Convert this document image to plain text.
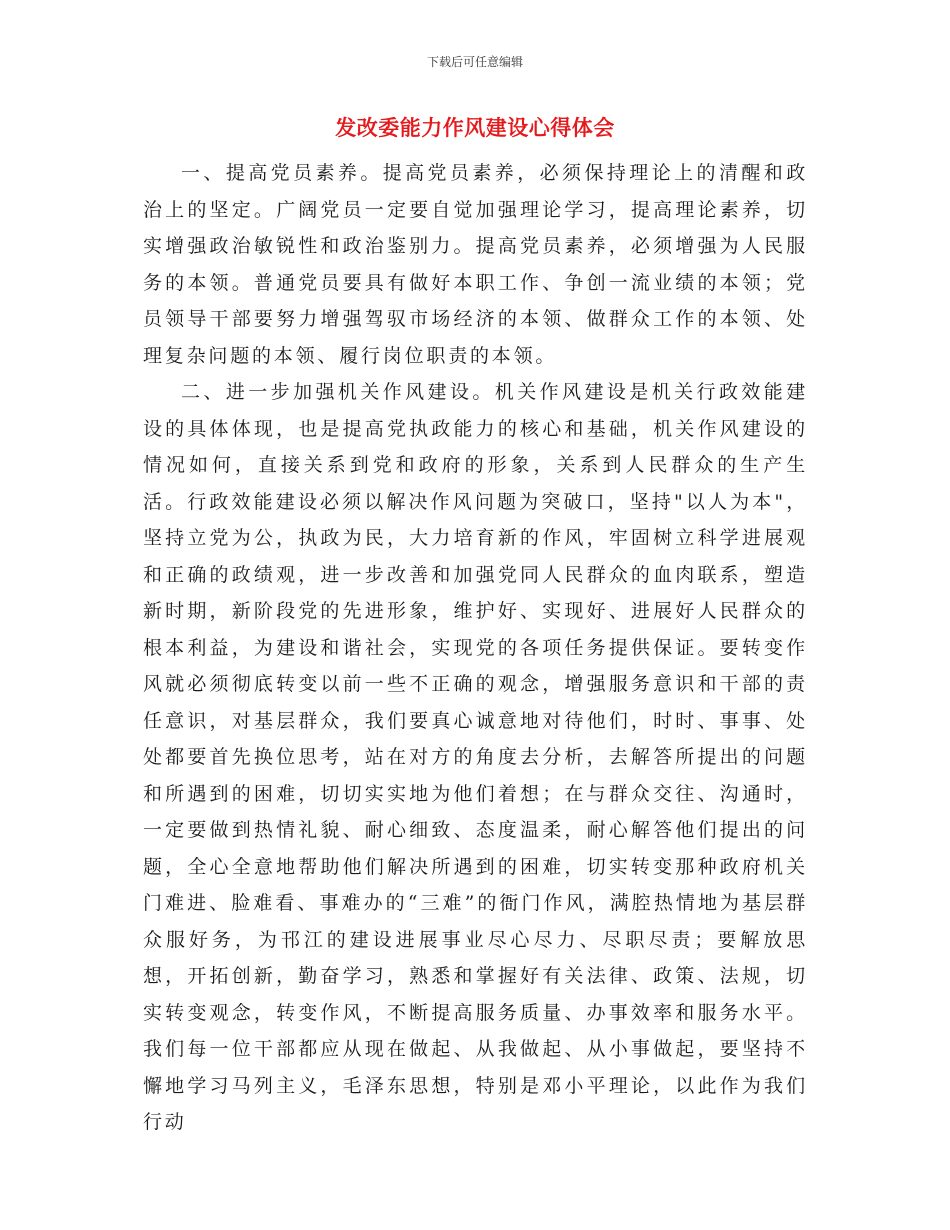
下载后可任意编辑
发改委能力作风建设心得体会

一、提高党员素养。提高党员素养，必须保持理论上的清醒和政治上的坚定。广阔党员一定要自觉加强理论学习，提高理论素养，切实增强政治敏锐性和政治鉴别力。提高党员素养，必须增强为人民服务的本领。普通党员要具有做好本职工作、争创一流业绩的本领；党员领导干部要努力增强驾驭市场经济的本领、做群众工作的本领、处理复杂问题的本领、履行岗位职责的本领。

二、进一步加强机关作风建设。机关作风建设是机关行政效能建设的具体体现，也是提高党执政能力的核心和基础，机关作风建设的情况如何，直接关系到党和政府的形象，关系到人民群众的生产生活。行政效能建设必须以解决作风问题为突破口，坚持"以人为本"，坚持立党为公，执政为民，大力培育新的作风，牢固树立科学进展观和正确的政绩观，进一步改善和加强党同人民群众的血肉联系，塑造新时期，新阶段党的先进形象，维护好、实现好、进展好人民群众的根本利益，为建设和谐社会，实现党的各项任务提供保证。要转变作风就必须彻底转变以前一些不正确的观念，增强服务意识和干部的责任意识，对基层群众，我们要真心诚意地对待他们，时时、事事、处处都要首先换位思考，站在对方的角度去分析，去解答所提出的问题和所遇到的困难，切切实实地为他们着想；在与群众交往、沟通时，一定要做到热情礼貌、耐心细致、态度温柔，耐心解答他们提出的问题，全心全意地帮助他们解决所遇到的困难，切实转变那种政府机关门难进、脸难看、事难办的“三难”的衙门作风，满腔热情地为基层群众服好务，为邗江的建设进展事业尽心尽力、尽职尽责；要解放思想，开拓创新，勤奋学习，熟悉和掌握好有关法律、政策、法规，切实转变观念，转变作风，不断提高服务质量、办事效率和服务水平。我们每一位干部都应从现在做起、从我做起、从小事做起，要坚持不懈地学习马列主义，毛泽东思想，特别是邓小平理论，以此作为我们行动
